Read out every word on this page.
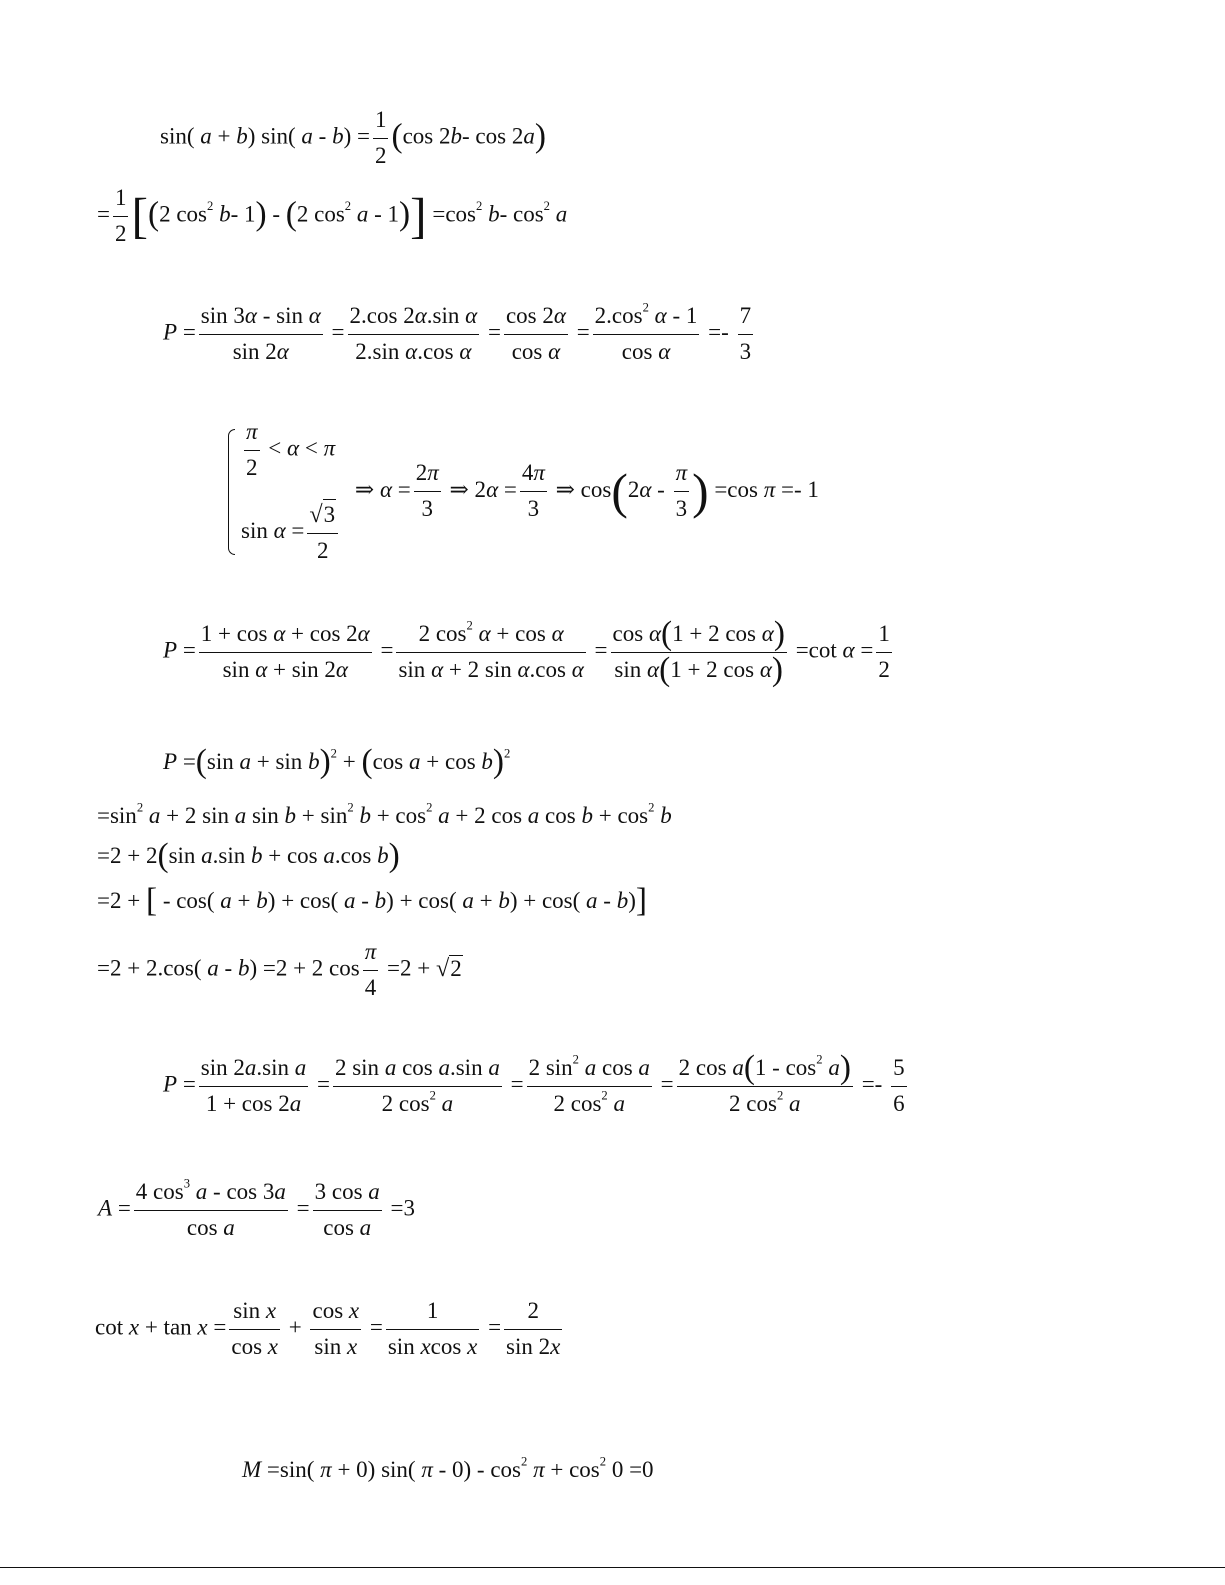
sin( a + b) sin( $a - b) = \frac{1}{2} (\cos$ 2b- cos 2a)
= $\frac{1}{2} [(2$ $\cos^2 b-$ 1) - (2 $\cos^2 a - 1)] =\cos^2$ b- $\cos^2 a$
$P = \frac{\text{sin 3α - sin α}}{\sin 2\alpha} = \frac{\text{2.cos 2α.sin α}}{\text{2.sin α.cos α}} = \frac{\cos 2\alpha}{\text{cos α}} = \frac{2.\cos^2 \alpha - 1}{\text{cos α}} =- \frac{7}{3}$
$\frac{\pi}{2} < \alpha < \pi$
$\sin \alpha = \frac{√3}{2}$
⇒ $\alpha = \frac{2\pi}{3}$ ⇒ $2\alpha = \frac{4\pi}{3}$ ⇒ $\cos(2\alpha - \frac{\pi}{3}$ ) =cos π =- 1
$P = \frac{\text{1 + cos α + cos 2α}}{\text{sin α + sin 2α}} = \frac{2 \cos^2 \alpha + \cos \alpha}{\text{sin α + 2 sin α.cos α}} = \frac{\text{cos α(1 + 2 cos α)}}{\text{sin α(1 + 2 cos α)}} =\cot$ $\alpha = \frac{1}{2}$
P =(sin a + sin b)$^2$ + (cos a + cos b)$^2$
$=\sin^2$ a + 2 sin a $\sin b + \sin^2 b + \cos^2 a + 2$ cos a $\cos b + \cos^2 b$
=2 + 2(sin a.sin b + cos a.cos b)
=2 + [ - cos( a + b) + cos( a - b) + cos( a + b) + cos( a - b)]
=2 + 2.cos( a - b) =2 + 2 $\cos \frac{\pi}{4} =2 + √2$
$P = \frac{\text{sin 2a.sin a}}{1 + \cos 2a} = \frac{\text{2 sin a cos a.sin a}}{2 \cos^2 a} = \frac{2 \sin^2 a \cos a}{2 \cos^2 a} = \frac{2 \cos a(1 - \cos^2 a)}{2 \cos^2 a} =- \frac{5}{6}$
$A = \frac{4 \cos^3 a - \cos 3a}{\text{cos a}} = \frac{\text{3 cos a}}{\text{cos a}} =3$
$\cot x + \tan x = \frac{\text{sin x}}{\text{cos x}} + \frac{\text{cos x}}{\text{sin x}} = \frac{1}{\text{sin xcos x}} = \frac{2}{\sin 2x}$
M =sin( π + 0) sin( $\pi - 0) - \cos^2 \pi + \cos^2 0 =0$
